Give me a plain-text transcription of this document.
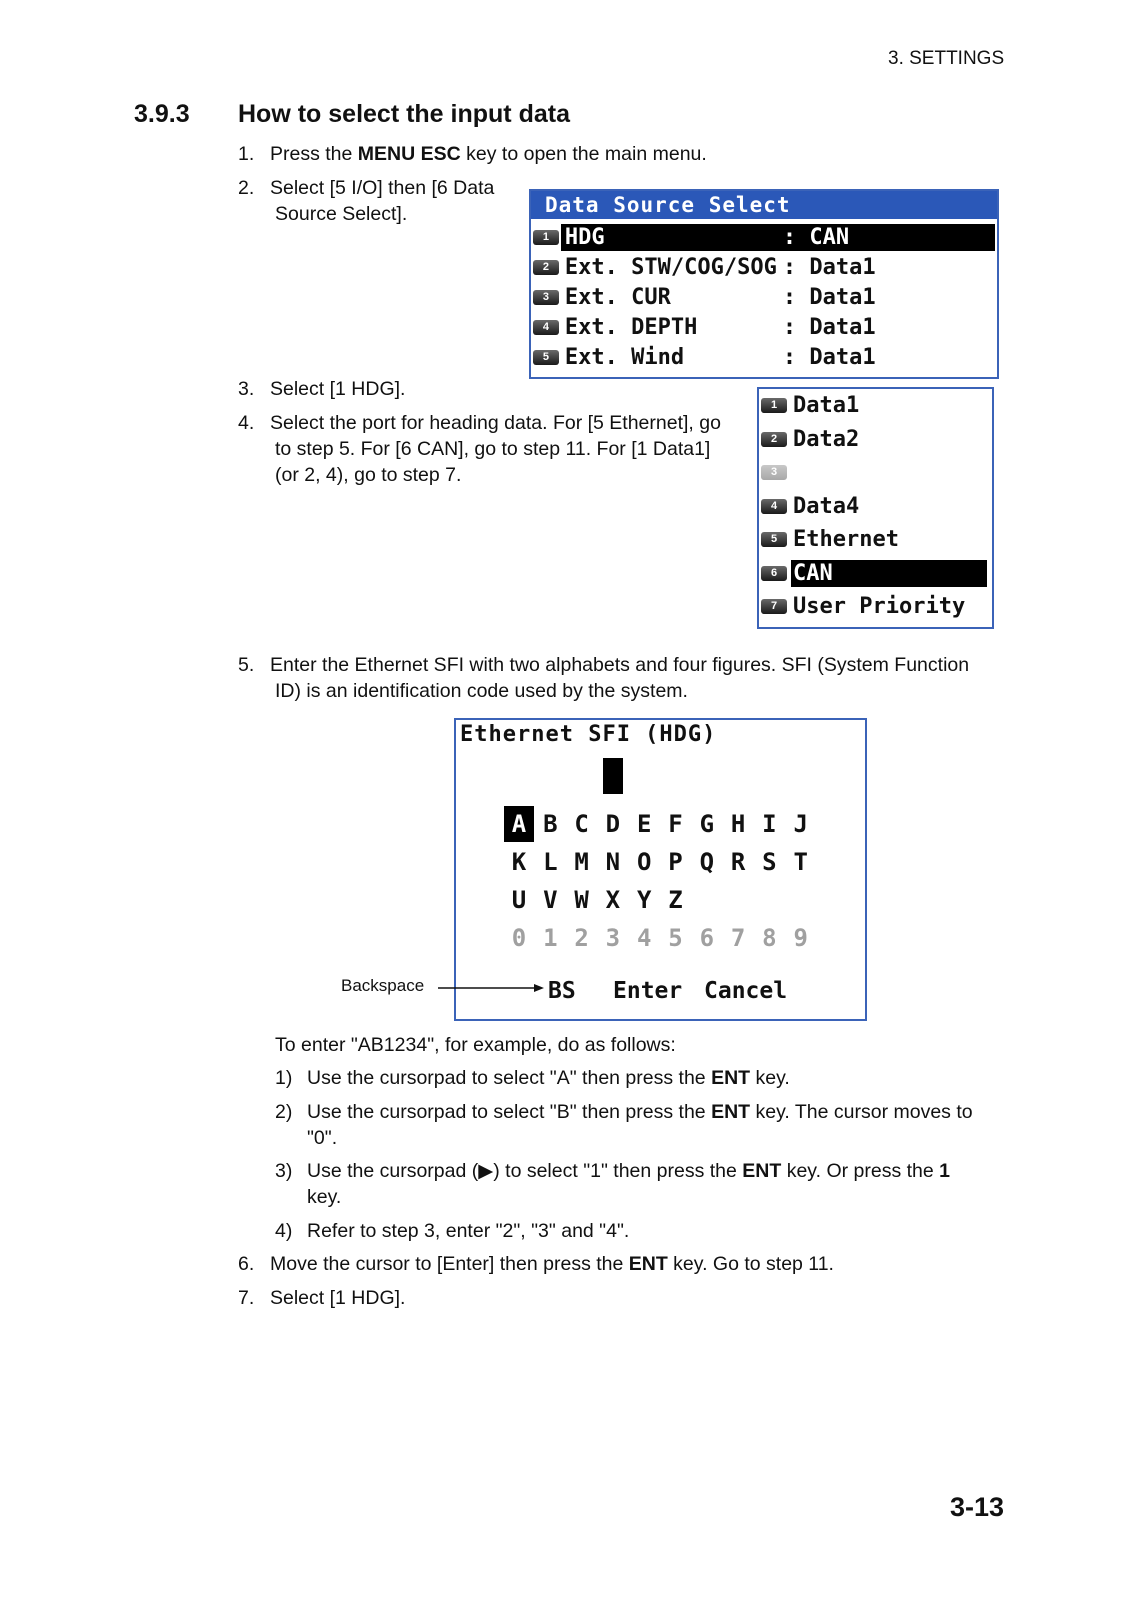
3. SETTINGS
3.9.3 How to select the input data
1. Press the MENU ESC key to open the main menu.
2. Select [5 I/O] then [6 Data
Source Select].	Data Source Select
1 HDG	: CAN
2 Ext. STW/COG/SOG : Data1
3 Ext. CUR	: Data1
4 Ext. DEPTH	: Data1
5 Ext. Wind	: Data1
3. Select [1 HDG].
4. Select the port for heading data. For [5 Ethernet], go
to step 5. For [6 CAN], go to step 11. For [1 Data1]
(or 2, 4), go to step 7.
1 Data1
2 Data2
3
4 Data4
5 Ethernet
6 CAN
7 User Priority
5. Enter the Ethernet SFI with two alphabets and four figures. SFI (System Function
ID) is an identification code used by the system.
Ethernet SFI (HDG)
A B C D E F G H I J
K L M N O P Q R S T
U V W X Y Z
0 1 2 3 4 5 6 7 8 9
BS Enter Cancel
Backspace
To enter "AB1234", for example, do as follows:
1) Use the cursorpad to select "A" then press the ENT key.
2) Use the cursorpad to select "B" then press the ENT key. The cursor moves to
"0".
3) Use the cursorpad (▶) to select "1" then press the ENT key. Or press the 1
key.
4) Refer to step 3, enter "2", "3" and "4".
6. Move the cursor to [Enter] then press the ENT key. Go to step 11.
7. Select [1 HDG].
3-13
